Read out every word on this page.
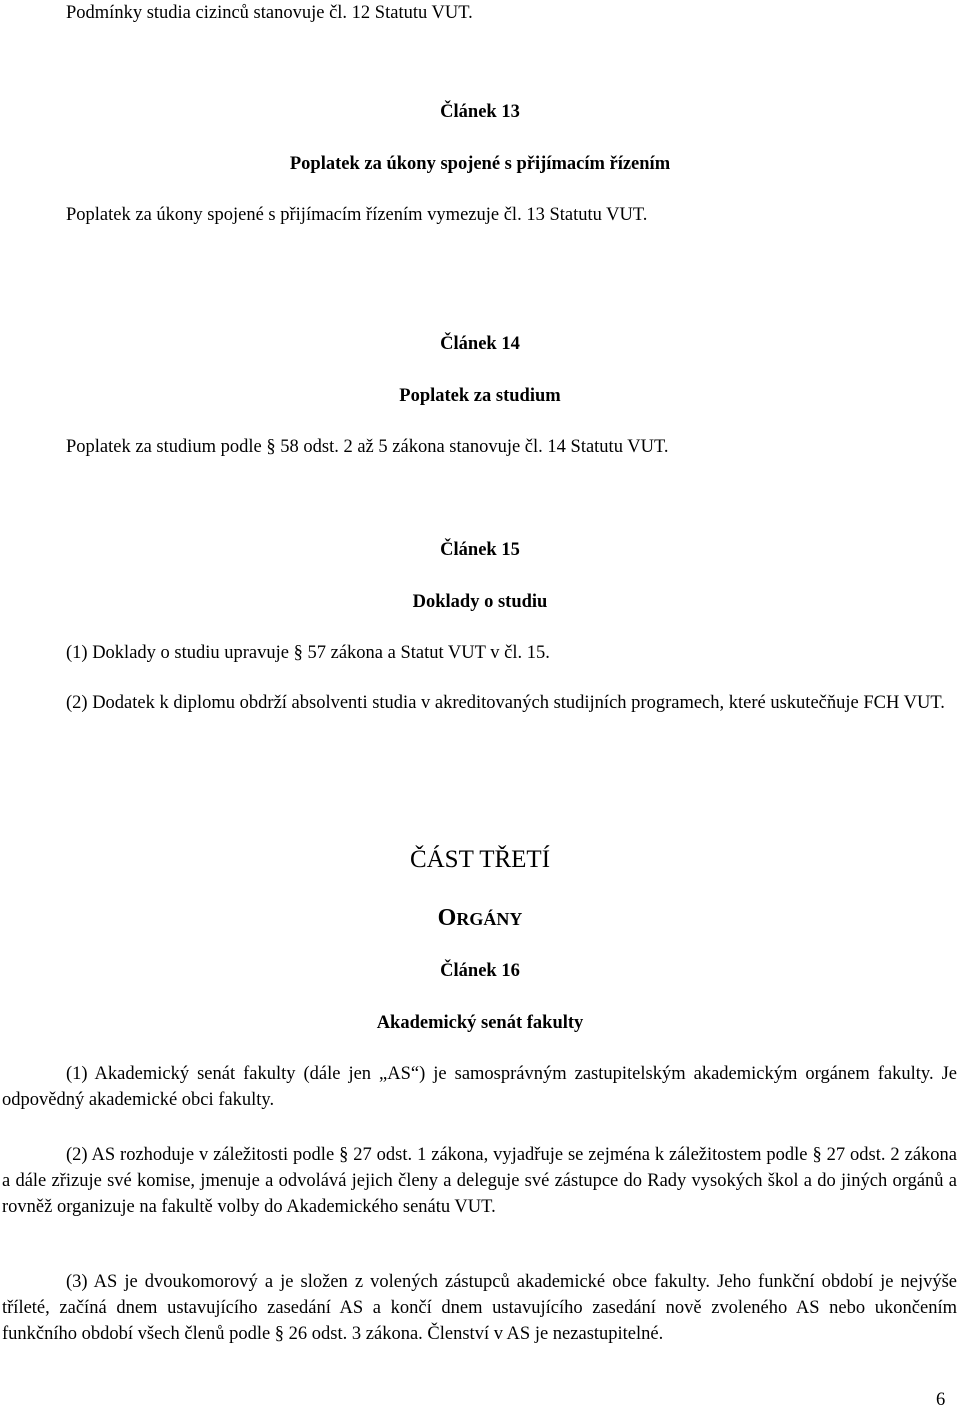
Podmínky studia cizinců stanovuje čl. 12 Statutu VUT.

Článek 13

Poplatek za úkony spojené s přijímacím řízením

Poplatek za úkony spojené s přijímacím řízením vymezuje čl. 13 Statutu VUT.

Článek 14

Poplatek za studium

Poplatek za studium podle § 58 odst. 2 až 5 zákona stanovuje čl. 14 Statutu VUT.

Článek 15

Doklady o studiu

(1) Doklady o studiu upravuje § 57 zákona a Statut VUT v čl. 15.

(2) Dodatek k diplomu obdrží absolventi studia v akreditovaných studijních programech, které uskutečňuje FCH VUT.

ČÁST TŘETÍ

ORGÁNY

Článek 16

Akademický senát fakulty

(1) Akademický senát fakulty (dále jen „AS“) je samosprávným zastupitelským akademickým orgánem fakulty. Je odpovědný akademické obci fakulty.

(2) AS rozhoduje v záležitosti podle § 27 odst. 1 zákona, vyjadřuje se zejména k záležitostem podle § 27 odst. 2 zákona a dále zřizuje své komise, jmenuje a odvolává jejich členy a deleguje své zástupce do Rady vysokých škol a do jiných orgánů a rovněž organizuje na fakultě volby do Akademického senátu VUT.

(3) AS je dvoukomorový a je složen z volených zástupců akademické obce fakulty. Jeho funkční období je nejvýše tříleté, začíná dnem ustavujícího zasedání AS a končí dnem ustavujícího zasedání nově zvoleného AS nebo ukončením funkčního období všech členů podle § 26 odst. 3 zákona. Členství v AS je nezastupitelné.

6
